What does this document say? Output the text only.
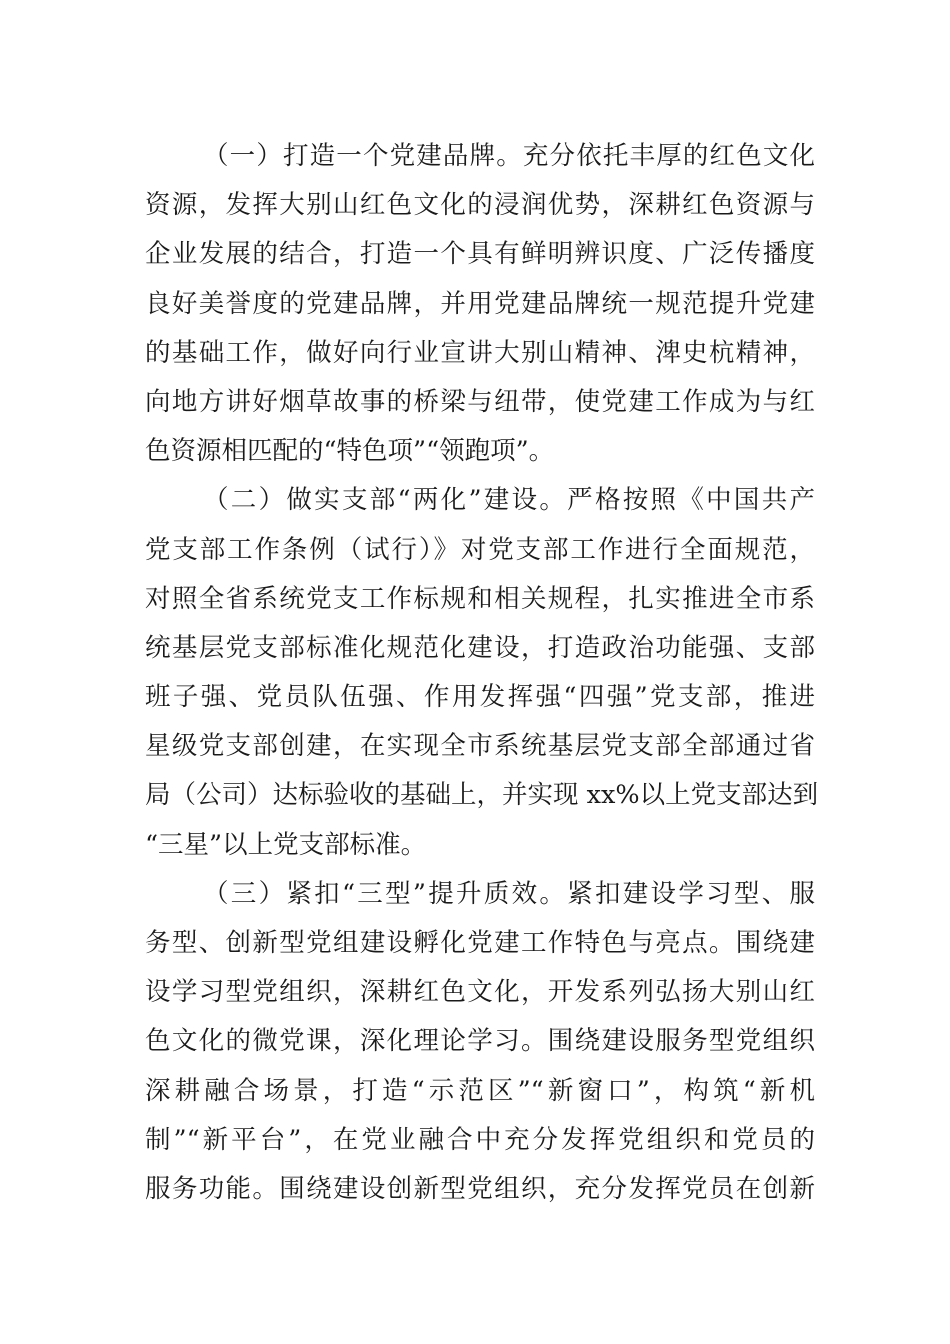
（一）打造一个党建品牌。充分依托丰厚的红色文化
资源，发挥大别山红色文化的浸润优势，深耕红色资源与
企业发展的结合，打造一个具有鲜明辨识度、广泛传播度
良好美誉度的党建品牌，并用党建品牌统一规范提升党建
的基础工作，做好向行业宣讲大别山精神、渒史杭精神，
向地方讲好烟草故事的桥梁与纽带，使党建工作成为与红
色资源相匹配的“特色项”“领跑项”。
（二）做实支部“两化”建设。严格按照《中国共产
党支部工作条例（试行）》对党支部工作进行全面规范，
对照全省系统党支工作标规和相关规程，扎实推进全市系
统基层党支部标准化规范化建设，打造政治功能强、支部
班子强、党员队伍强、作用发挥强“四强”党支部，推进
星级党支部创建，在实现全市系统基层党支部全部通过省
局（公司）达标验收的基础上，并实现 xx%以上党支部达到
“三星”以上党支部标准。
（三）紧扣“三型”提升质效。紧扣建设学习型、服
务型、创新型党组建设孵化党建工作特色与亮点。围绕建
设学习型党组织，深耕红色文化，开发系列弘扬大别山红
色文化的微党课，深化理论学习。围绕建设服务型党组织
深耕融合场景，打造“示范区”“新窗口”，构筑“新机
制”“新平台”，在党业融合中充分发挥党组织和党员的
服务功能。围绕建设创新型党组织，充分发挥党员在创新
